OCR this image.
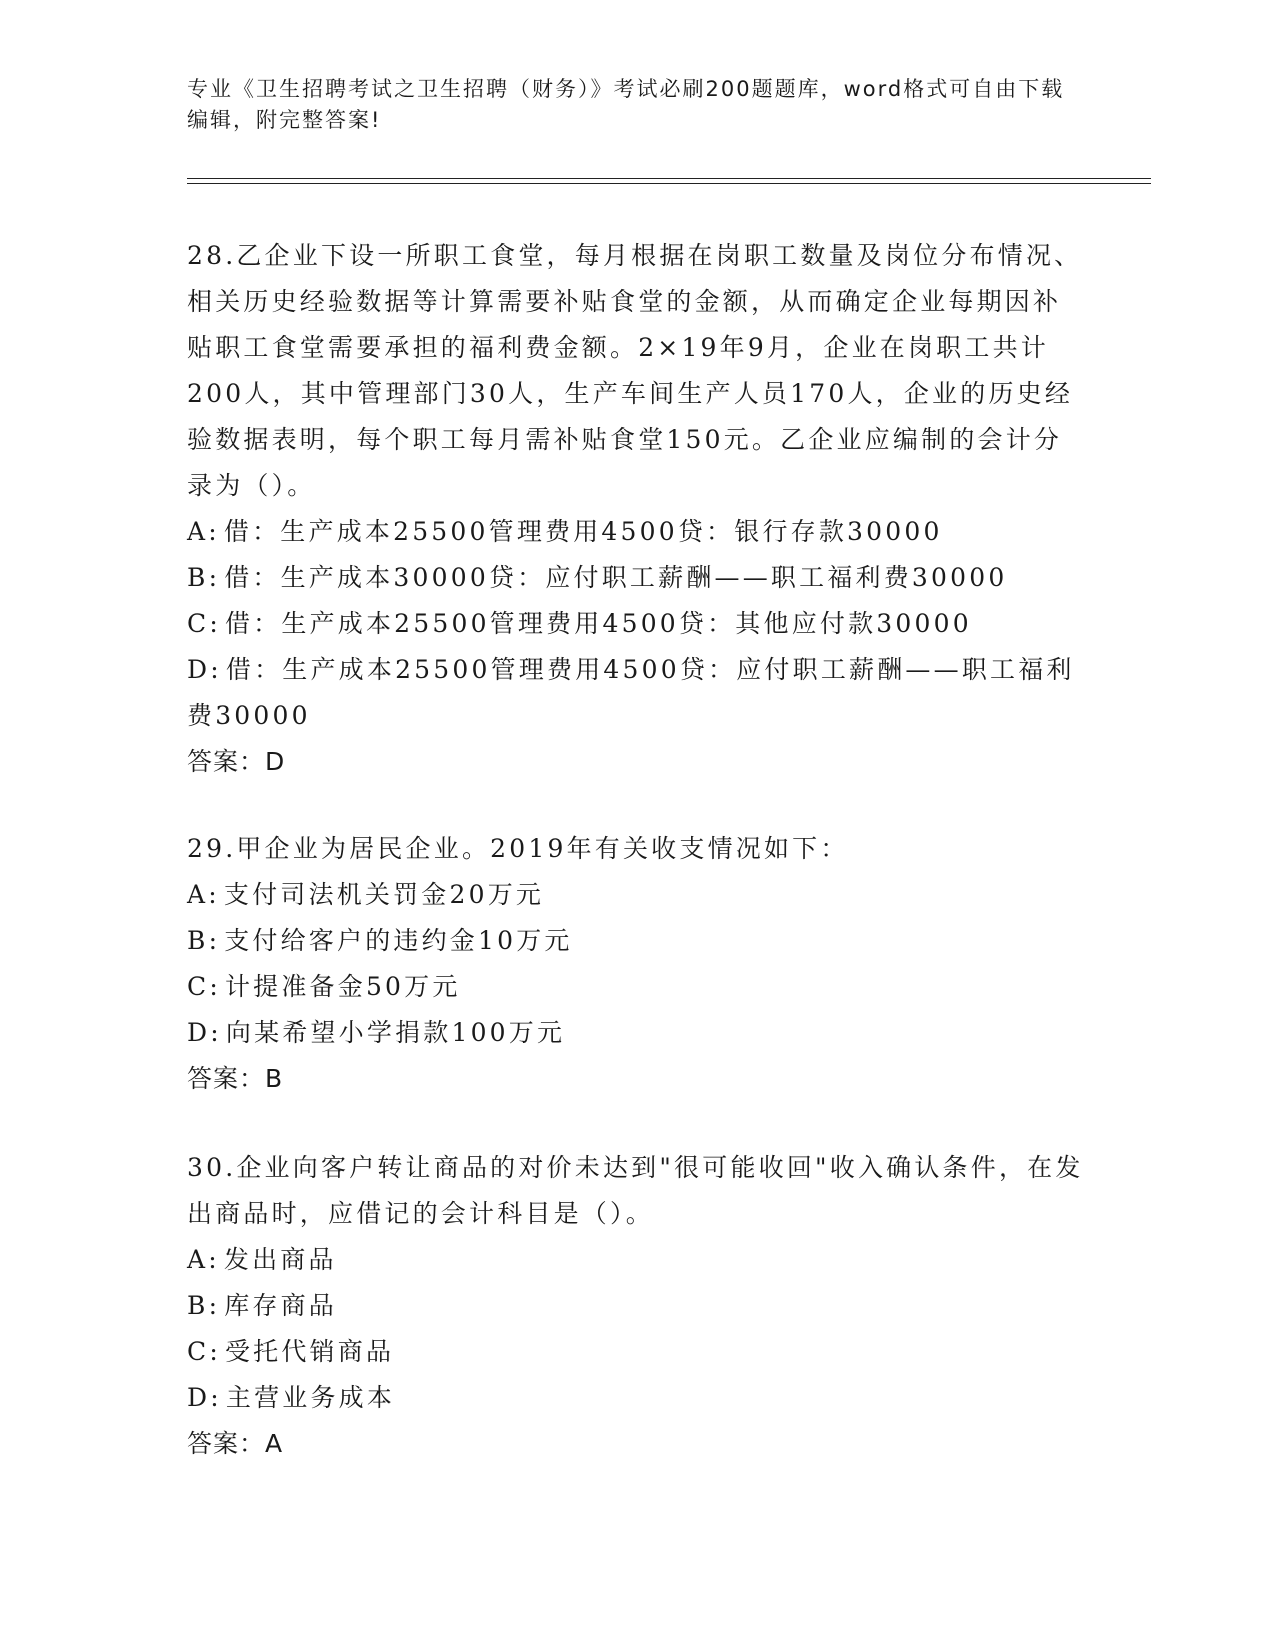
专业《卫生招聘考试之卫生招聘（财务）》考试必刷200题题库，word格式可自由下载编辑，附完整答案!
28.乙企业下设一所职工食堂，每月根据在岗职工数量及岗位分布情况、相关历史经验数据等计算需要补贴食堂的金额，从而确定企业每期因补贴职工食堂需要承担的福利费金额。2×19年9月，企业在岗职工共计200人，其中管理部门30人，生产车间生产人员170人，企业的历史经验数据表明，每个职工每月需补贴食堂150元。乙企业应编制的会计分录为（）。
A: 借：生产成本25500管理费用4500贷：银行存款30000
B: 借：生产成本30000贷：应付职工薪酬——职工福利费30000
C: 借：生产成本25500管理费用4500贷：其他应付款30000
D: 借：生产成本25500管理费用4500贷：应付职工薪酬——职工福利费30000
答案：D
29.甲企业为居民企业。2019年有关收支情况如下：
A: 支付司法机关罚金20万元
B: 支付给客户的违约金10万元
C: 计提准备金50万元
D: 向某希望小学捐款100万元
答案：B
30.企业向客户转让商品的对价未达到"很可能收回"收入确认条件，在发出商品时，应借记的会计科目是（）。
A: 发出商品
B: 库存商品
C: 受托代销商品
D: 主营业务成本
答案：A
